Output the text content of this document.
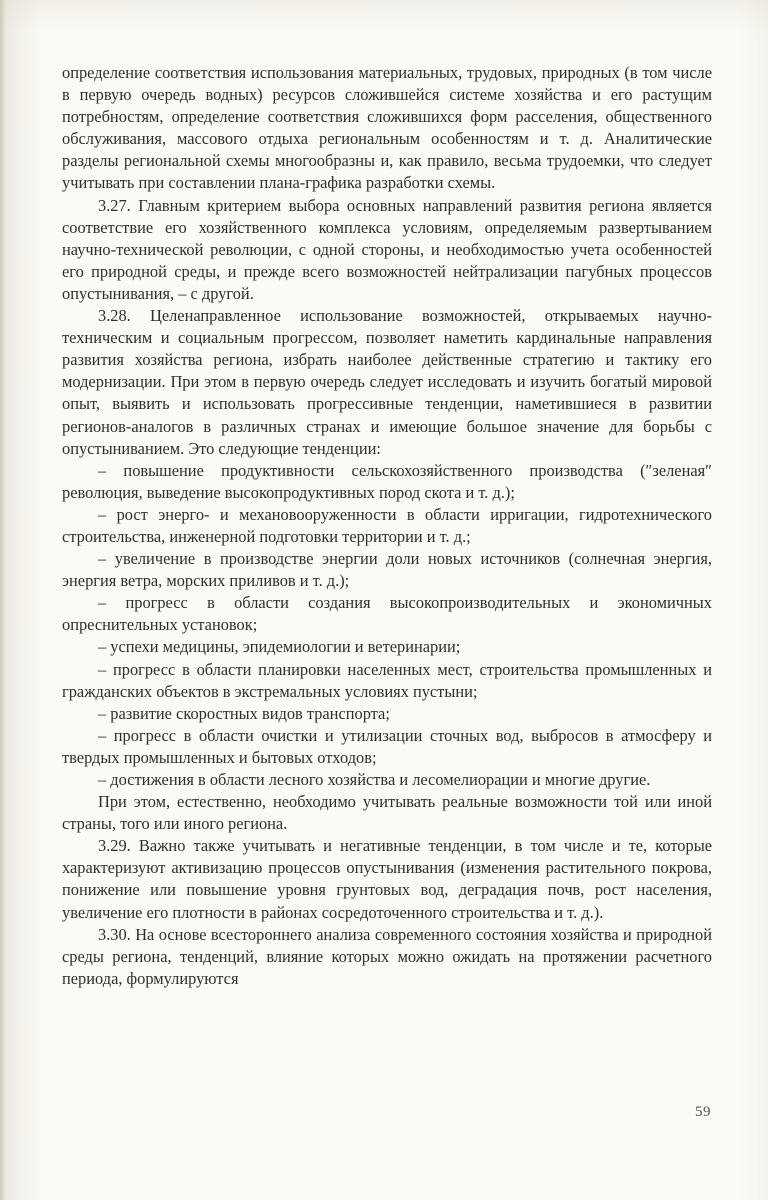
определение соответствия использования материальных, трудовых, природных (в том числе в первую очередь водных) ресурсов сложившейся системе хозяйства и его растущим потребностям, определение соответствия сложившихся форм расселения, общественного обслуживания, массового отдыха региональным особенностям и т. д. Аналитические разделы региональной схемы многообразны и, как правило, весьма трудоемки, что следует учитывать при составлении плана-графика разработки схемы.

3.27. Главным критерием выбора основных направлений развития региона является соответствие его хозяйственного комплекса условиям, определяемым развертыванием научно-технической революции, с одной стороны, и необходимостью учета особенностей его природной среды, и прежде всего возможностей нейтрализации пагубных процессов опустынивания, – с другой.

3.28. Целенаправленное использование возможностей, открываемых научно-техническим и социальным прогрессом, позволяет наметить кардинальные направления развития хозяйства региона, избрать наиболее действенные стратегию и тактику его модернизации. При этом в первую очередь следует исследовать и изучить богатый мировой опыт, выявить и использовать прогрессивные тенденции, наметившиеся в развитии регионов-аналогов в различных странах и имеющие большое значение для борьбы с опустыниванием. Это следующие тенденции:

– повышение продуктивности сельскохозяйственного производства (″зеленая″ революция, выведение высокопродуктивных пород скота и т. д.);

– рост энерго- и механовооруженности в области ирригации, гидротехнического строительства, инженерной подготовки территории и т. д.;

– увеличение в производстве энергии доли новых источников (солнечная энергия, энергия ветра, морских приливов и т. д.);

– прогресс в области создания высокопроизводительных и экономичных опреснительных установок;

– успехи медицины, эпидемиологии и ветеринарии;

– прогресс в области планировки населенных мест, строительства промышленных и гражданских объектов в экстремальных условиях пустыни;

– развитие скоростных видов транспорта;

– прогресс в области очистки и утилизации сточных вод, выбросов в атмосферу и твердых промышленных и бытовых отходов;

– достижения в области лесного хозяйства и лесомелиорации и многие другие.

При этом, естественно, необходимо учитывать реальные возможности той или иной страны, того или иного региона.

3.29. Важно также учитывать и негативные тенденции, в том числе и те, которые характеризуют активизацию процессов опустынивания (изменения растительного покрова, понижение или повышение уровня грунтовых вод, деградация почв, рост населения, увеличение его плотности в районах сосредоточенного строительства и т. д.).

3.30. На основе всестороннего анализа современного состояния хозяйства и природной среды региона, тенденций, влияние которых можно ожидать на протяжении расчетного периода, формулируются

59
